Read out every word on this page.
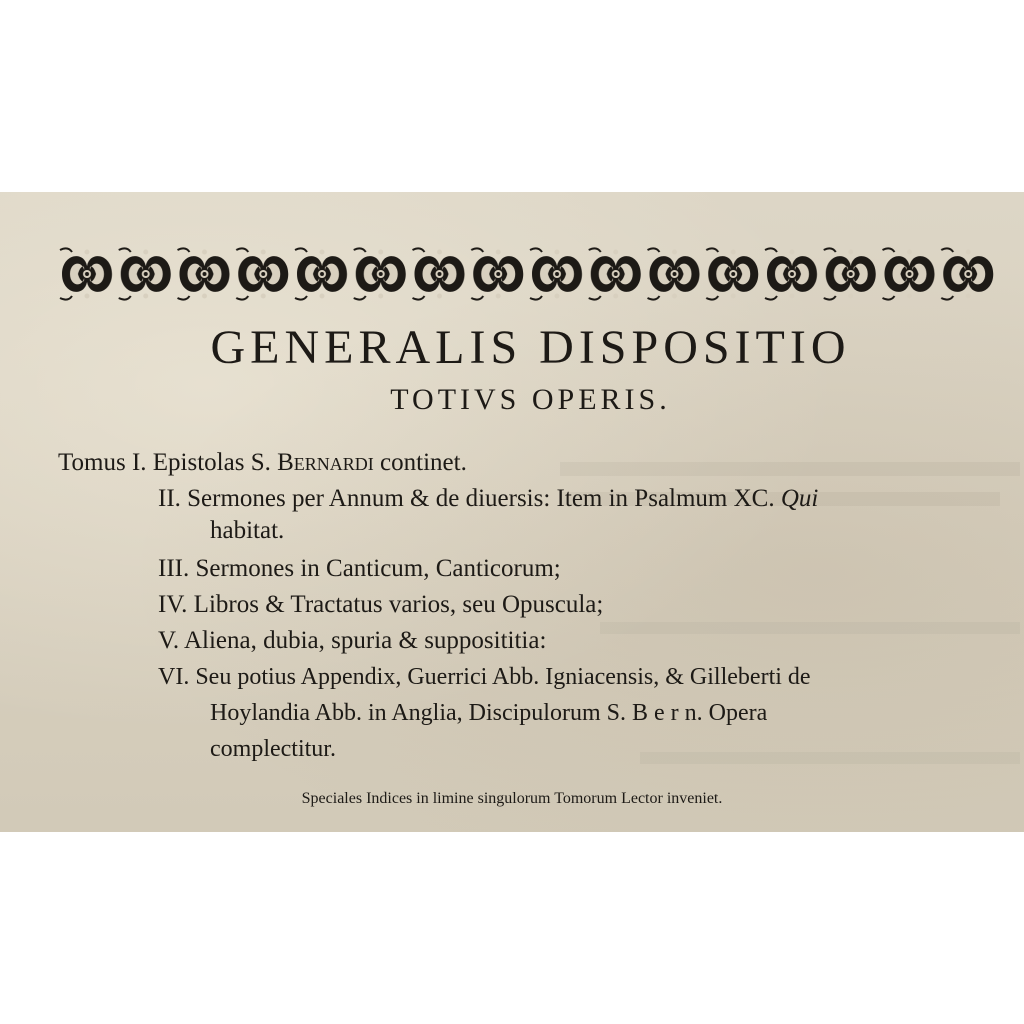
GENERALIS DISPOSITIO
TOTIVS OPERIS.
Tomus I. Epistolas S. Bernardi continet.
II. Sermones per Annum & de diuersis: Item in Psalmum XC. Qui
habitat.
III. Sermones in Canticum, Canticorum;
IV. Libros & Tractatus varios, seu Opuscula;
V. Aliena, dubia, spuria & supposititia:
VI. Seu potius Appendix, Guerrici Abb. Igniacensis, & Gilleberti de
Hoylandia Abb. in Anglia, Discipulorum S. B e r n. Opera
complectitur.
Speciales Indices in limine singulorum Tomorum Lector inveniet.
